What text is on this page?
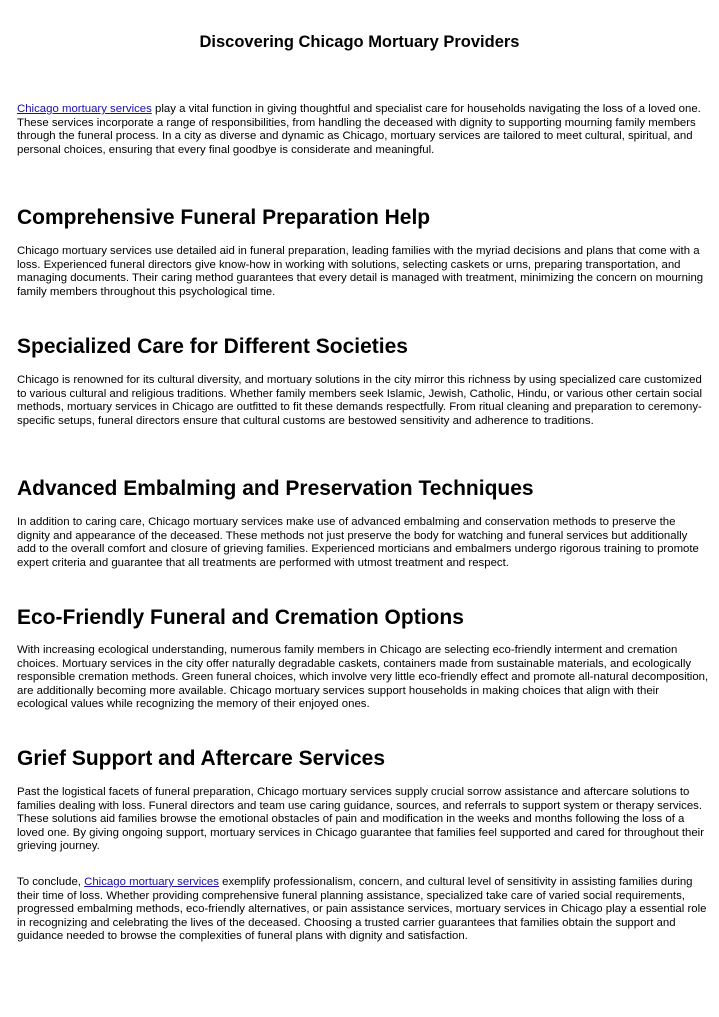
Discovering Chicago Mortuary Providers

Chicago mortuary services play a vital function in giving thoughtful and specialist care for households navigating the loss of a loved one. These services incorporate a range of responsibilities, from handling the deceased with dignity to supporting mourning family members through the funeral process. In a city as diverse and dynamic as Chicago, mortuary services are tailored to meet cultural, spiritual, and personal choices, ensuring that every final goodbye is considerate and meaningful.

Comprehensive Funeral Preparation Help

Chicago mortuary services use detailed aid in funeral preparation, leading families with the myriad decisions and plans that come with a loss. Experienced funeral directors give know-how in working with solutions, selecting caskets or urns, preparing transportation, and managing documents. Their caring method guarantees that every detail is managed with treatment, minimizing the concern on mourning family members throughout this psychological time.

Specialized Care for Different Societies

Chicago is renowned for its cultural diversity, and mortuary solutions in the city mirror this richness by using specialized care customized to various cultural and religious traditions. Whether family members seek Islamic, Jewish, Catholic, Hindu, or various other certain social methods, mortuary services in Chicago are outfitted to fit these demands respectfully. From ritual cleaning and preparation to ceremony-specific setups, funeral directors ensure that cultural customs are bestowed sensitivity and adherence to traditions.

Advanced Embalming and Preservation Techniques

In addition to caring care, Chicago mortuary services make use of advanced embalming and conservation methods to preserve the dignity and appearance of the deceased. These methods not just preserve the body for watching and funeral services but additionally add to the overall comfort and closure of grieving families. Experienced morticians and embalmers undergo rigorous training to promote expert criteria and guarantee that all treatments are performed with utmost treatment and respect.

Eco-Friendly Funeral and Cremation Options

With increasing ecological understanding, numerous family members in Chicago are selecting eco-friendly interment and cremation choices. Mortuary services in the city offer naturally degradable caskets, containers made from sustainable materials, and ecologically responsible cremation methods. Green funeral choices, which involve very little eco-friendly effect and promote all-natural decomposition, are additionally becoming more available. Chicago mortuary services support households in making choices that align with their ecological values while recognizing the memory of their enjoyed ones.

Grief Support and Aftercare Services

Past the logistical facets of funeral preparation, Chicago mortuary services supply crucial sorrow assistance and aftercare solutions to families dealing with loss. Funeral directors and team use caring guidance, sources, and referrals to support system or therapy services. These solutions aid families browse the emotional obstacles of pain and modification in the weeks and months following the loss of a loved one. By giving ongoing support, mortuary services in Chicago guarantee that families feel supported and cared for throughout their grieving journey.

To conclude, Chicago mortuary services exemplify professionalism, concern, and cultural level of sensitivity in assisting families during their time of loss. Whether providing comprehensive funeral planning assistance, specialized take care of varied social requirements, progressed embalming methods, eco-friendly alternatives, or pain assistance services, mortuary services in Chicago play a essential role in recognizing and celebrating the lives of the deceased. Choosing a trusted carrier guarantees that families obtain the support and guidance needed to browse the complexities of funeral plans with dignity and satisfaction.
